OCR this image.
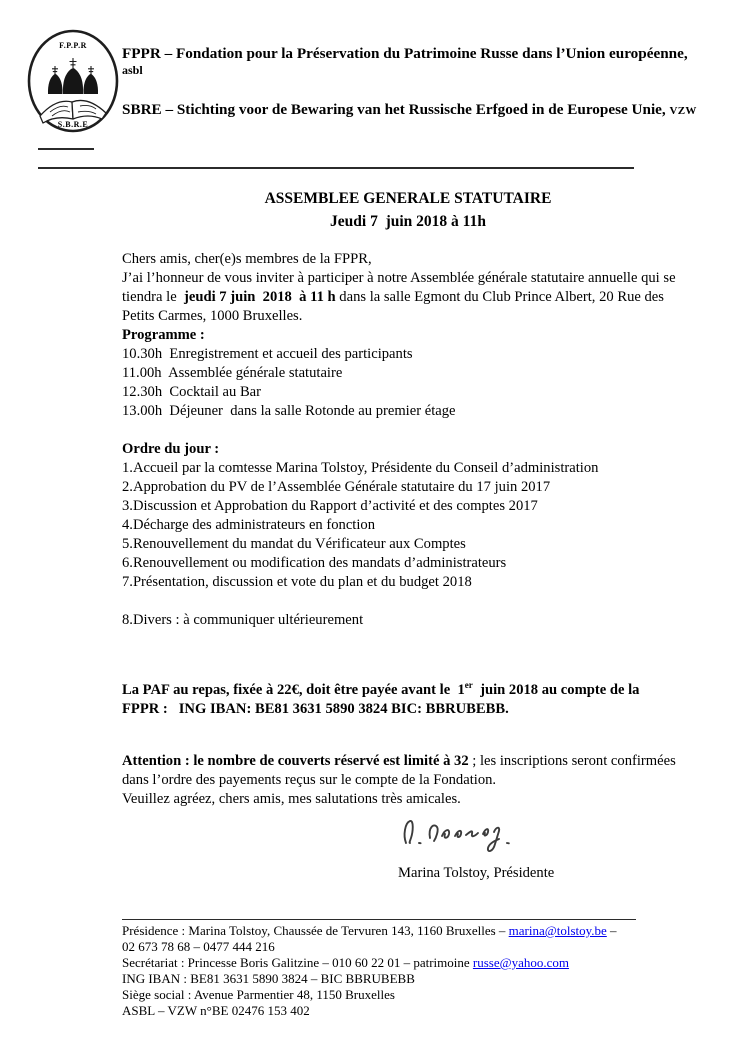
F.P.P.R
S.B.R.E
FPPR – Fondation pour la Préservation du Patrimoine Russe dans l’Union européenne,
asbl
SBRE – Stichting voor de Bewaring van het Russische Erfgoed in de Europese Unie, VZW
ASSEMBLEE GENERALE STATUTAIRE
Jeudi 7  juin 2018 à 11h
Chers amis, cher(e)s membres de la FPPR,
J’ai l’honneur de vous inviter à participer à notre Assemblée générale statutaire annuelle qui se
tiendra le  jeudi 7 juin  2018  à 11 h dans la salle Egmont du Club Prince Albert, 20 Rue des
Petits Carmes, 1000 Bruxelles.
Programme :
10.30h  Enregistrement et accueil des participants
11.00h  Assemblée générale statutaire
12.30h  Cocktail au Bar
13.00h  Déjeuner  dans la salle Rotonde au premier étage

Ordre du jour :
1.Accueil par la comtesse Marina Tolstoy, Présidente du Conseil d’administration
2.Approbation du PV de l’Assemblée Générale statutaire du 17 juin 2017
3.Discussion et Approbation du Rapport d’activité et des comptes 2017
4.Décharge des administrateurs en fonction
5.Renouvellement du mandat du Vérificateur aux Comptes
6.Renouvellement ou modification des mandats d’administrateurs
7.Présentation, discussion et vote du plan et du budget 2018

8.Divers : à communiquer ultérieurement
La PAF au repas, fixée à 22€, doit être payée avant le  1er  juin 2018 au compte de la
FPPR :   ING IBAN: BE81 3631 5890 3824 BIC: BBRUBEBB.
Attention : le nombre de couverts réservé est limité à 32 ; les inscriptions seront confirmées
dans l’ordre des payements reçus sur le compte de la Fondation.
Veuillez agréez, chers amis, mes salutations très amicales.
Marina Tolstoy, Présidente
Présidence : Marina Tolstoy, Chaussée de Tervuren 143, 1160 Bruxelles – marina@tolstoy.be –
02 673 78 68 – 0477 444 216
Secrétariat : Princesse Boris Galitzine – 010 60 22 01 – patrimoine russe@yahoo.com
ING IBAN : BE81 3631 5890 3824 – BIC BBRUBEBB
Siège social : Avenue Parmentier 48, 1150 Bruxelles
ASBL – VZW n°BE 02476 153 402
